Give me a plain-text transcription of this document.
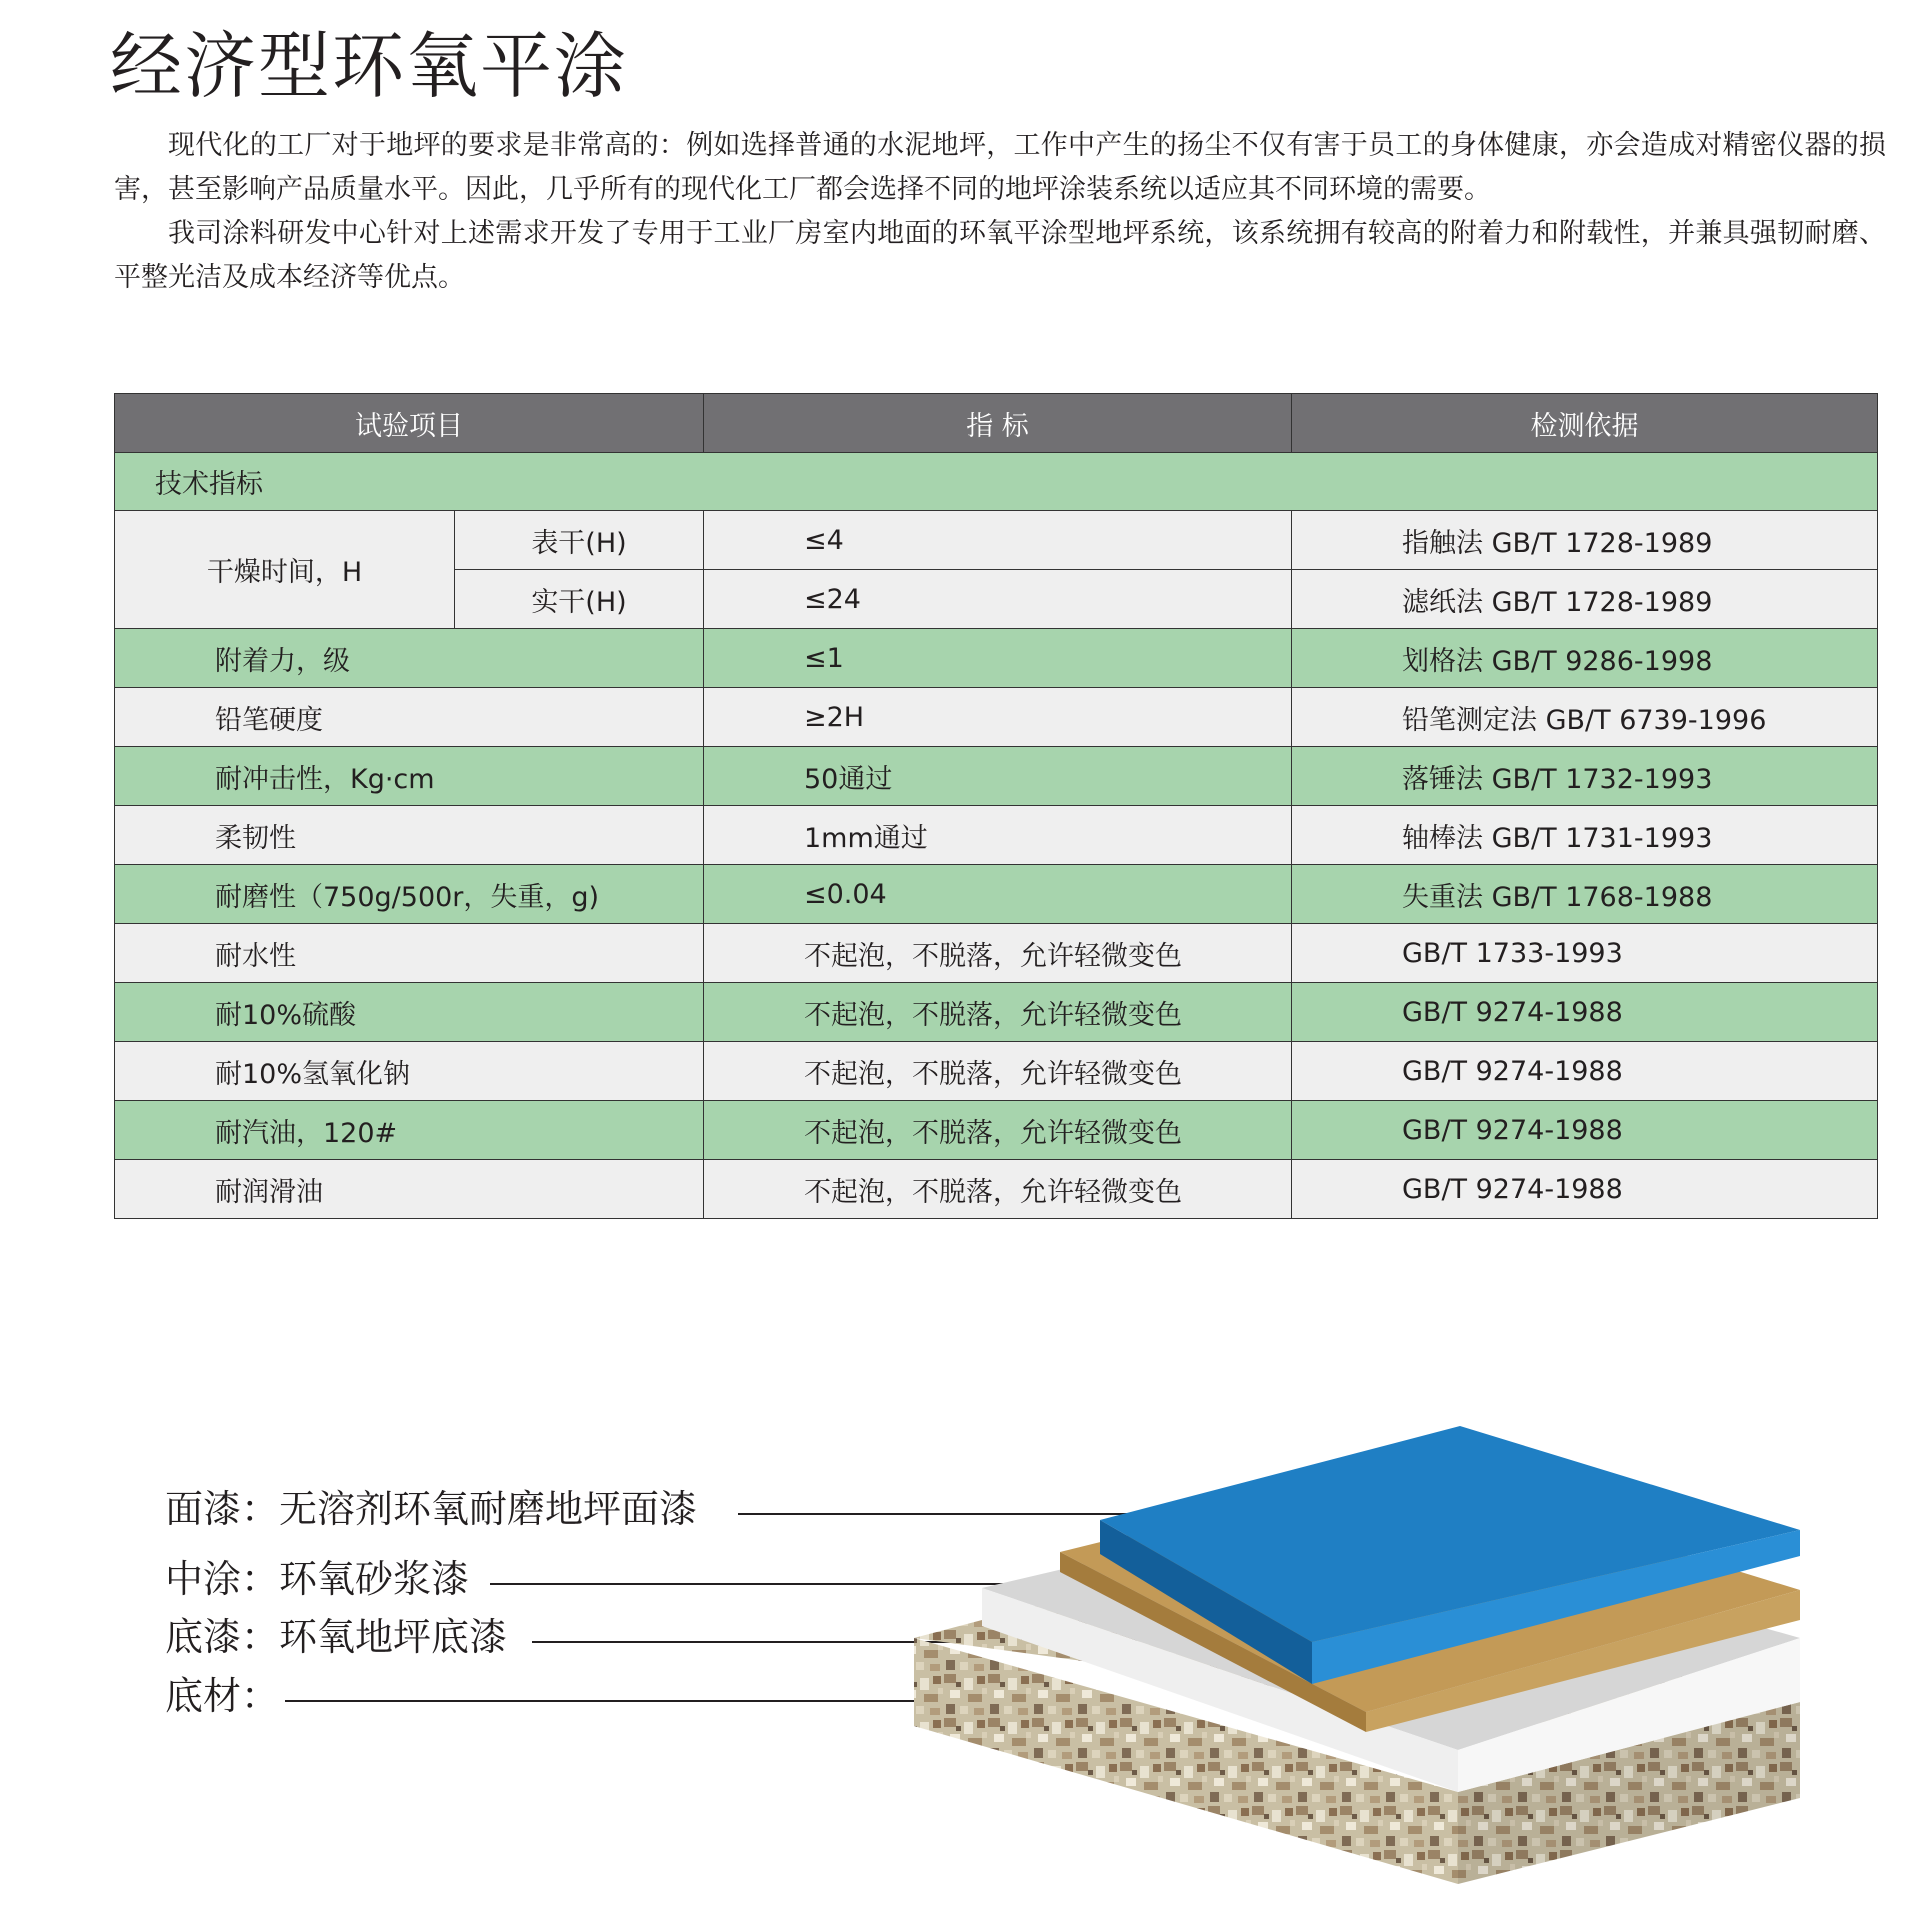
经济型环氧平涂

现代化的工厂对于地坪的要求是非常高的：例如选择普通的水泥地坪，工作中产生的扬尘不仅有害于员工的身体健康，亦会造成对精密仪器的损害，甚至影响产品质量水平。因此，几乎所有的现代化工厂都会选择不同的地坪涂装系统以适应其不同环境的需要。

我司涂料研发中心针对上述需求开发了专用于工业厂房室内地面的环氧平涂型地坪系统，该系统拥有较高的附着力和附载性，并兼具强韧耐磨、平整光洁及成本经济等优点。

技术指标			
试验项目		指 标	检测依据
干燥时间，H	表干(H)	≤4	指触法 GB/T 1728-1989
	实干(H)	≤24	滤纸法 GB/T 1728-1989
附着力，级		≤1	划格法 GB/T 9286-1998
铅笔硬度		≥2H	铅笔测定法 GB/T 6739-1996
耐冲击性，Kg·cm		50通过	落锤法 GB/T 1732-1993
柔韧性		1mm通过	轴棒法 GB/T 1731-1993
耐磨性（750g/500r，失重，g)		≤0.04	失重法 GB/T 1768-1988
耐水性		不起泡，不脱落，允许轻微变色	GB/T 1733-1993
耐10%硫酸		不起泡，不脱落，允许轻微变色	GB/T 9274-1988
耐10%氢氧化钠		不起泡，不脱落，允许轻微变色	GB/T 9274-1988
耐汽油，120#		不起泡，不脱落，允许轻微变色	GB/T 9274-1988
耐润滑油		不起泡，不脱落，允许轻微变色	GB/T 9274-1988
面漆：无溶剂环氧耐磨地坪面漆
中涂：环氧砂浆漆
底漆：环氧地坪底漆
底材：
